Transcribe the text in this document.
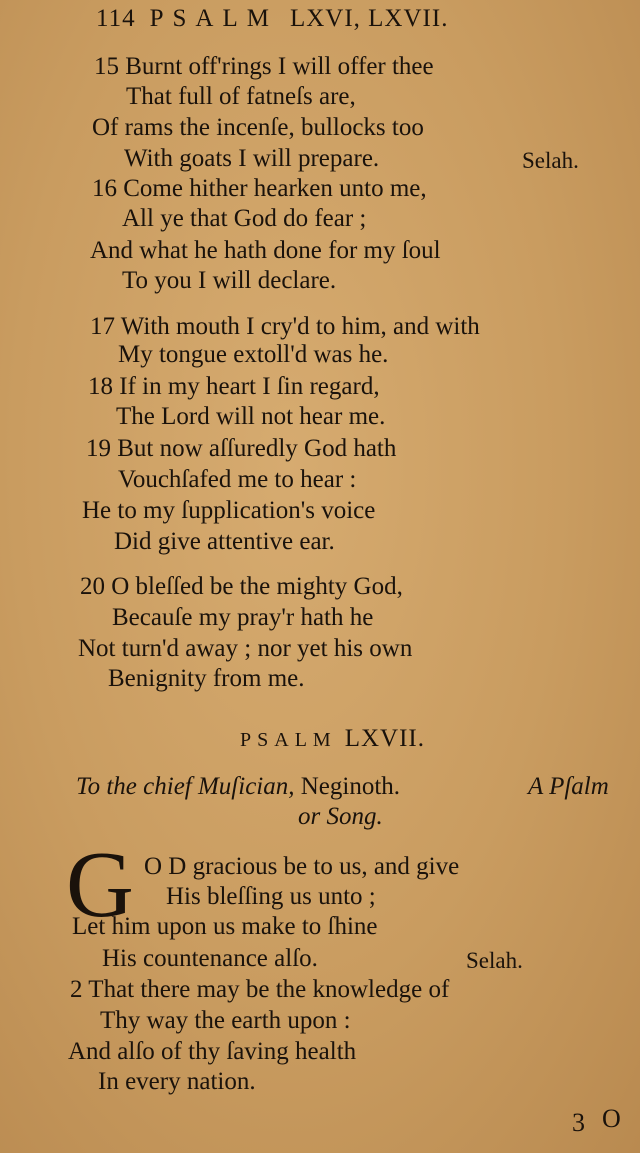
114 PSALM LXVI, LXVII.
15 Burnt off'rings I will offer thee
That full of fatneſs are,
Of rams the incenſe, bullocks too
With goats I will prepare.	Selah.
16 Come hither hearken unto me,
All ye that God do fear ;
And what he hath done for my ſoul
To you I will declare.
17 With mouth I cry'd to him, and with
My tongue extoll'd was he.
18 If in my heart I ſin regard,
The Lord will not hear me.
19 But now aſſuredly God hath
Vouchſafed me to hear :
He to my ſupplication's voice
Did give attentive ear.
20 O bleſſed be the mighty God,
Becauſe my pray'r hath he
Not turn'd away ; nor yet his own
Benignity from me.
PSALM LXVII.
To the chief Muſician, Neginoth.	A Pſalm
or Song.
G O D gracious be to us, and give
His bleſſing us unto ;
Let him upon us make to ſhine
His countenance alſo.	Selah.
2 That there may be the knowledge of
Thy way the earth upon :
And alſo of thy ſaving health
In every nation.
3 O
